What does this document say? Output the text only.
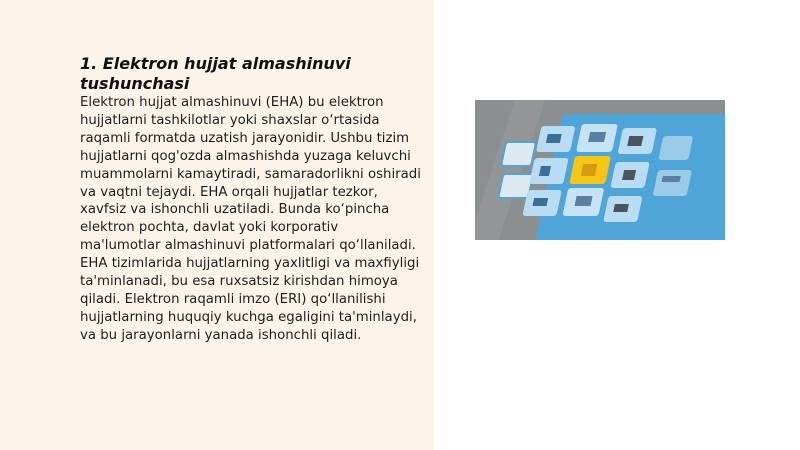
1. Elektron hujjat almashinuvi tushunchasi

Elektron hujjat almashinuvi (EHA) bu elektron hujjatlarni tashkilotlar yoki shaxslar o‘rtasida raqamli formatda uzatish jarayonidir. Ushbu tizim hujjatlarni qog'ozda almashishda yuzaga keluvchi muammolarni kamaytiradi, samaradorlikni oshiradi va vaqtni tejaydi. EHA orqali hujjatlar tezkor, xavfsiz va ishonchli uzatiladi. Bunda ko‘pincha elektron pochta, davlat yoki korporativ ma'lumotlar almashinuvi platformalari qo‘llaniladi. EHA tizimlarida hujjatlarning yaxlitligi va maxfiyligi ta'minlanadi, bu esa ruxsatsiz kirishdan himoya qiladi. Elektron raqamli imzo (ERI) qo‘llanilishi hujjatlarning huquqiy kuchga egaligini ta'minlaydi, va bu jarayonlarni yanada ishonchli qiladi.
